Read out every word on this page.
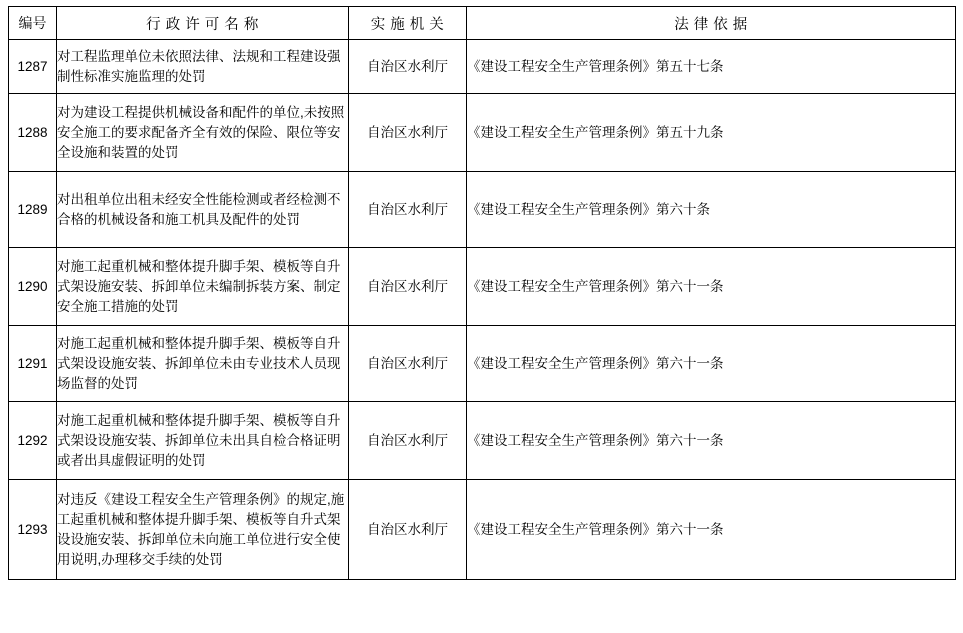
编号	行 政 许 可 名 称	实 施 机 关	法 律 依 据
1287	对工程监理单位未依照法律、法规和工程建设强制性标准实施监理的处罚	自治区水利厅	《建设工程安全生产管理条例》第五十七条
1288	对为建设工程提供机械设备和配件的单位,未按照安全施工的要求配备齐全有效的保险、限位等安全设施和装置的处罚	自治区水利厅	《建设工程安全生产管理条例》第五十九条
1289	对出租单位出租未经安全性能检测或者经检测不合格的机械设备和施工机具及配件的处罚	自治区水利厅	《建设工程安全生产管理条例》第六十条
1290	对施工起重机械和整体提升脚手架、模板等自升式架设施安装、拆卸单位未编制拆装方案、制定安全施工措施的处罚	自治区水利厅	《建设工程安全生产管理条例》第六十一条
1291	对施工起重机械和整体提升脚手架、模板等自升式架设设施安装、拆卸单位未由专业技术人员现场监督的处罚	自治区水利厅	《建设工程安全生产管理条例》第六十一条
1292	对施工起重机械和整体提升脚手架、模板等自升式架设设施安装、拆卸单位未出具自检合格证明或者出具虚假证明的处罚	自治区水利厅	《建设工程安全生产管理条例》第六十一条
1293	对违反《建设工程安全生产管理条例》的规定,施工起重机械和整体提升脚手架、模板等自升式架设设施安装、拆卸单位未向施工单位进行安全使用说明,办理移交手续的处罚	自治区水利厅	《建设工程安全生产管理条例》第六十一条
